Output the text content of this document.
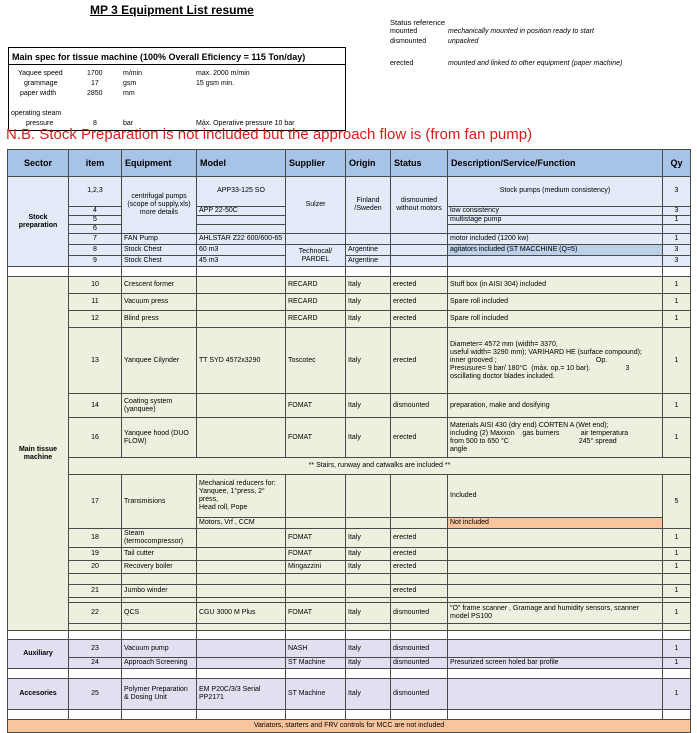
MP 3 Equipment List resume
Status reference
mounted	mechanically mounted in position ready to start
dismounted	unpacked
erected	mounted and linked to other equipment (paper machine)
Main spec for tissue machine (100% Overall Eficiency = 115 Ton/day)
Yaquee speed	1700	m/min	max. 2000 m/min
grammage	17	gsm	15 gsm min.
paper width	2850	mm
operating steam
pressure	8	bar	Máx. Operative pressure 10 bar
N.B. Stock Preparation is not included but the approach flow is (from fan pump)
Sector	item	Equipment	Model	Supplier	Origin	Status	Description/Service/Function	Qy
Stock preparation	1,2,3	centrifugal pumps (scope of supply.xls) more details	APP33-125 SO	Sulzer	Finland /Sweden	dismounted without motors	Stock pumps (medium consistency)	3
	4		APP 22-50C				low consistency	3
	5						multistage pump	1
	6							
	7	FAN Pump	AHLSTAR Z22 600/600-65				motor included (1200 kw)	1
	8	Stock Chest	60 m3	Technocal/ PARDEL	Argentine		agitators included (ST MACCHINE (Q=5)	3
	9	Stock Chest	45 m3		Argentine			3

Main tissue machine	10	Crescent former		RECARD	Italy	erected	Stuff box (in AISI 304) included	1
	11	Vacuum press		RECARD	Italy	erected	Spare roll included	1
	12	Blind press		RECARD	Italy	erected	Spare roll included	1
	13	Yanquee Cilynder	TT SYD 4572x3290	Toscotec	Italy	erected	Diameter= 4572 mm (width= 3370,
useful width= 3290 mm); VARIHARD HE (surface compound);
inner grooved ;                                                   Op.
Presusure= 9 bar/ 180°C  (máx. op.= 10 bar).                  3
oscillating doctor blades included.	1
	14	Coating system (yanquee)		FOMAT	Italy	dismounted	preparation, make and dosifying	1
	16	Yanquee hood (DUO FLOW)		FOMAT	Italy	erected	Materials AISI 430 (dry end) CORTEN A (Wet end);
including (2) Maxxon    gas burners           air temperatura
from 500 to 650 °C                                    245° spread
angle	1
	** Stairs, runway and catwalks are included **							
	17	Transmisions	Mechanical reducers for:
Yanquee, 1°press, 2° press,
Head roll, Pope				Included	5
			Motors, Vrf , CCM				Not included	
	18	Steam (termocompressor)		FOMAT	Italy	erected		1
	19	Tail cutter		FOMAT	Italy	erected		1
	20	Recovery boiler		Mingazzini	Italy	erected		1

	21	Jumbo winder				erected		1

	22	QCS	CGU 3000 M Plus	FOMAT	Italy	dismounted	"O" frame scanner , Gramage and humidity sensors, scanner
model PS100	1

Auxiliary	23	Vacuum pump		NASH	Italy	dismounted		1
	24	Approach Screening		ST Machine	Italy	dismounted	Presurized screen holed bar profile	1

Accesories	25	Polymer Preparation & Dosing Unit	EM P20C/3/3 Serial PP2171	ST Machine	Italy	dismounted		1

Variators, starters and FRV controls for MCC are not included								
